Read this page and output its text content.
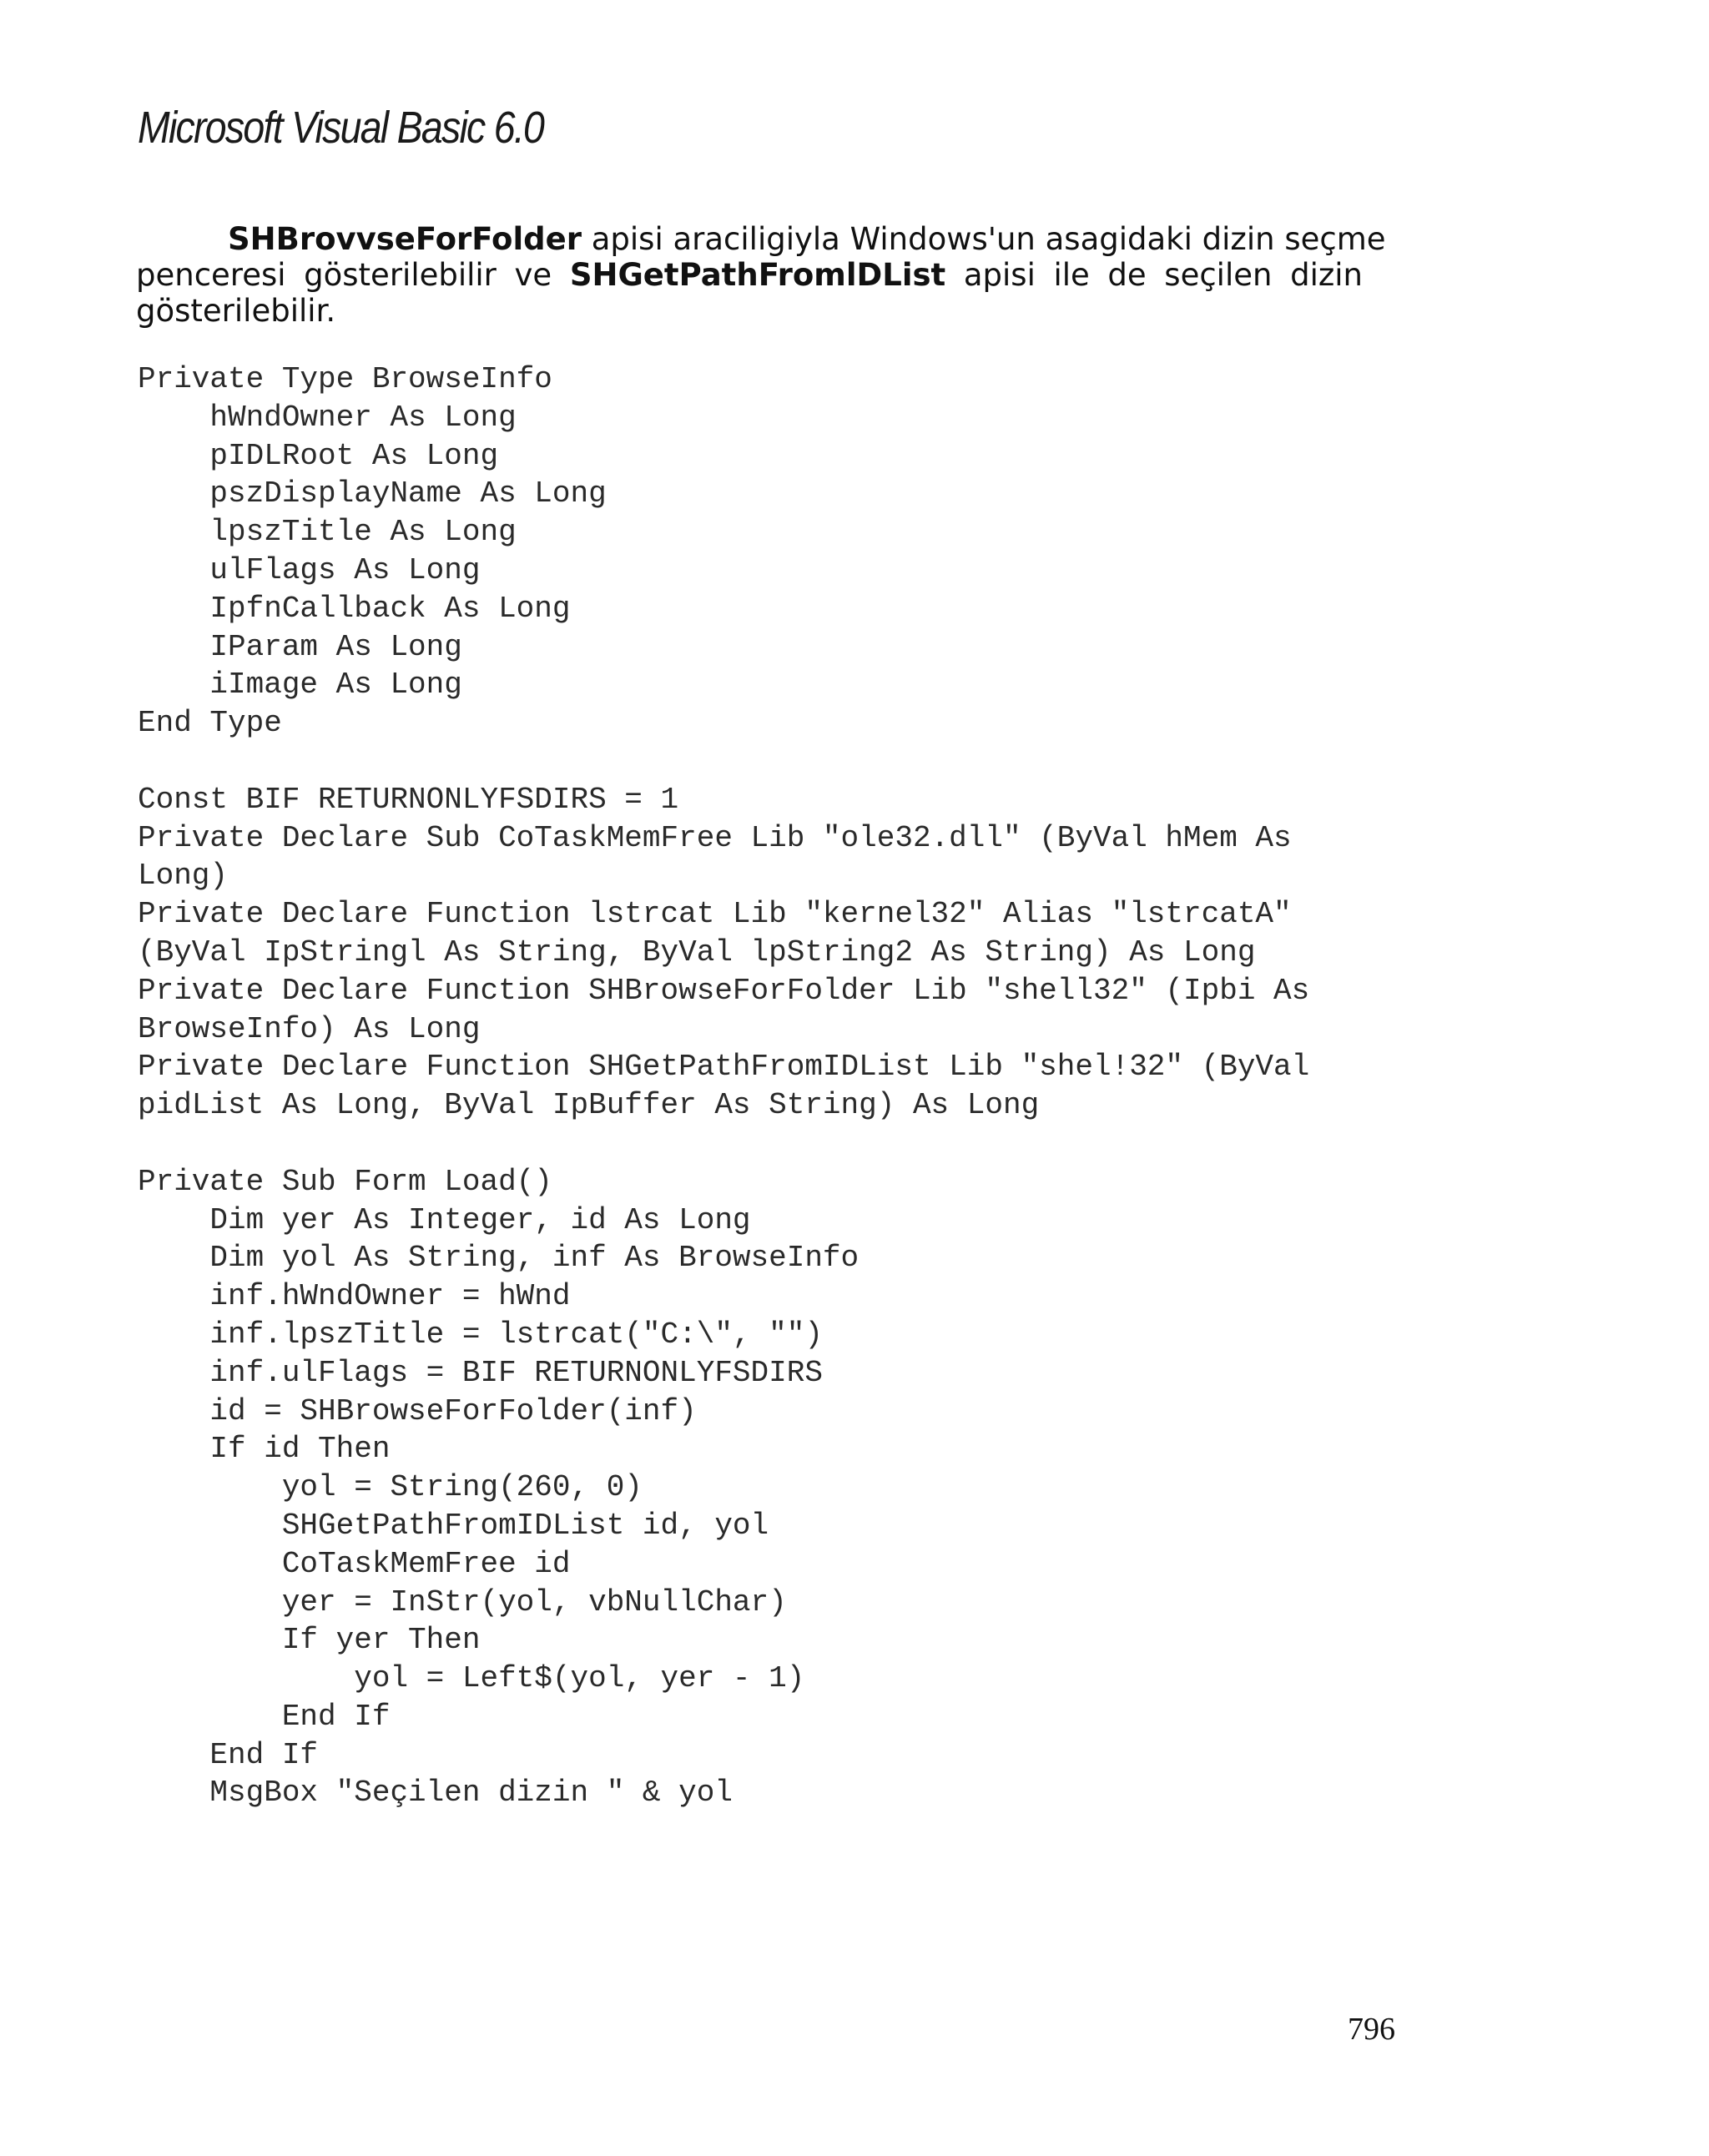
Microsoft Visual Basic 6.0
SHBrovvseForFolder apisi araciligiyla Windows'un asagidaki dizin seçme
penceresi gösterilebilir ve SHGetPathFromlDList apisi ile de seçilen dizin
gösterilebilir.
Private Type BrowseInfo
hWndOwner As Long
pIDLRoot As Long
pszDisplayName As Long
lpszTitle As Long
ulFlags As Long
IpfnCallback As Long
IParam As Long
iImage As Long
End Type
Const BIF RETURNONLYFSDIRS = 1
Private Declare Sub CoTaskMemFree Lib "ole32.dll" (ByVal hMem As
Long)
Private Declare Function lstrcat Lib "kernel32" Alias "lstrcatA"
(ByVal IpStringl As String, ByVal lpString2 As String) As Long
Private Declare Function SHBrowseForFolder Lib "shell32" (Ipbi As
BrowseInfo) As Long
Private Declare Function SHGetPathFromIDList Lib "shel!32" (ByVal
pidList As Long, ByVal IpBuffer As String) As Long
Private Sub Form Load()
Dim yer As Integer, id As Long
Dim yol As String, inf As BrowseInfo
inf.hWndOwner = hWnd
inf.lpszTitle = lstrcat("C:\", "")
inf.ulFlags = BIF RETURNONLYFSDIRS
id = SHBrowseForFolder(inf)
If id Then
yol = String(260, 0)
SHGetPathFromIDList id, yol
CoTaskMemFree id
yer = InStr(yol, vbNullChar)
If yer Then
yol = Left$(yol, yer - 1)
End If
End If
MsgBox "Seçilen dizin " & yol
796
